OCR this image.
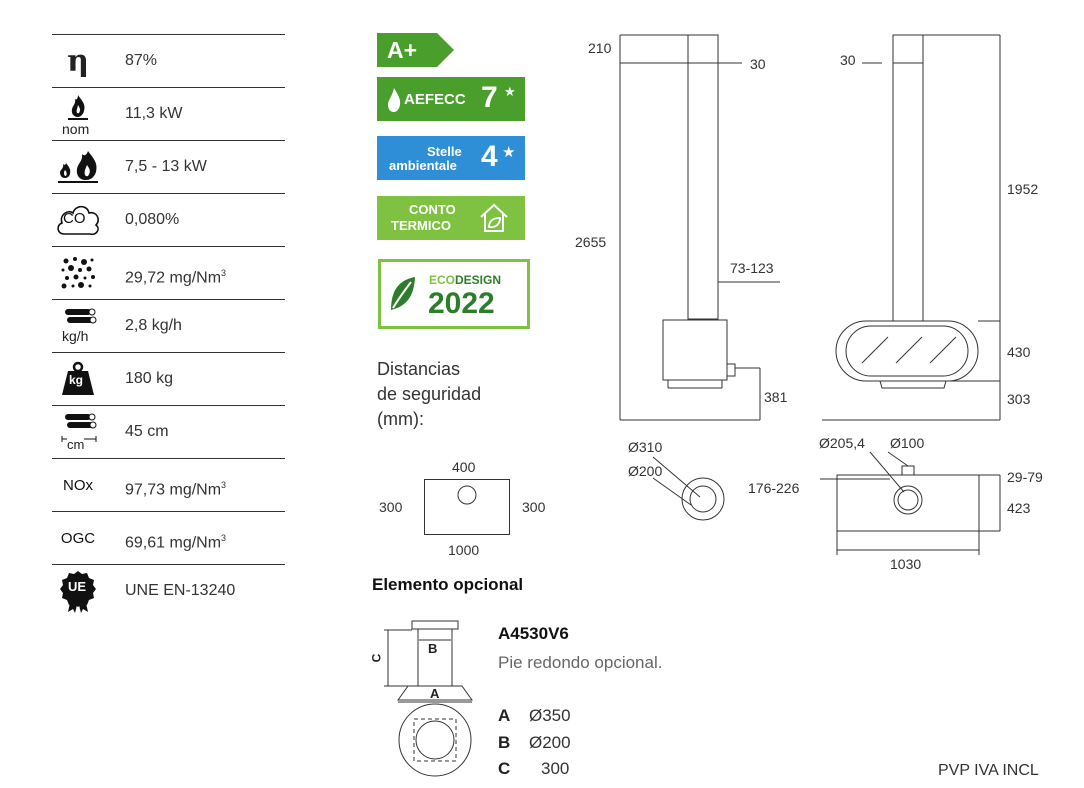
η 87%
nom
11,3 kW
7,5 - 13 kW
CO 0,080%
29,72 mg/Nm$^3$
kg/h
2,8 kg/h
kg	180 kg
cm
45 cm
NOx 97,73 mg/Nm$^3$
OGC 69,61 mg/Nm$^3$
UE UNE EN-13240
A+
AEFECC 7 ★
Stelle
ambientale 4 ★
CONTO
TERMICO
ECO DESIGN
2022
Distancias
de seguridad
(mm):
400
300	300
1000
Elemento opcional
B
C
A
A4530V6
Pie redondo opcional.
A Ø350
B Ø200
C 300
210
30
2655
73-123
381
Ø310
Ø200
30
1952
430
303
Ø205,4 Ø100
176-226
29-79
423
1030
PVP IVA INCL
